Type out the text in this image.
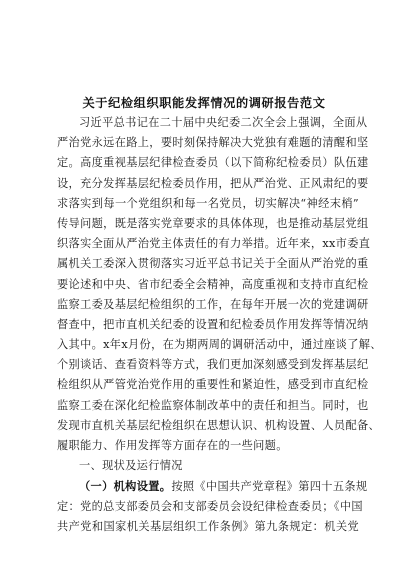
关于纪检组织职能发挥情况的调研报告范文
习近平总书记在二十届中央纪委二次全会上强调，全面从
严治党永远在路上，要时刻保持解决大党独有难题的清醒和坚
定。高度重视基层纪律检查委员（以下简称纪检委员）队伍建
设，充分发挥基层纪检委员作用，把从严治党、正风肃纪的要
求落实到每一个党组织和每一名党员，切实解决“神经末梢”
传导问题，既是落实党章要求的具体体现，也是推动基层党组
织落实全面从严治党主体责任的有力举措。近年来，xx市委直
属机关工委深入贯彻落实习近平总书记关于全面从严治党的重
要论述和中央、省市纪委全会精神，高度重视和支持市直纪检
监察工委及基层纪检组织的工作，在每年开展一次的党建调研
督查中，把市直机关纪委的设置和纪检委员作用发挥等情况纳
入其中。x年x月份，在为期两周的调研活动中，通过座谈了解、
个别谈话、查看资料等方式，我们更加深刻感受到发挥基层纪
检组织从严管党治党作用的重要性和紧迫性，感受到市直纪检
监察工委在深化纪检监察体制改革中的责任和担当。同时，也
发现市直机关基层纪检组织在思想认识、机构设置、人员配备、
履职能力、作用发挥等方面存在的一些问题。
一、现状及运行情况
（一）机构设置。按照《中国共产党章程》第四十五条规
定：党的总支部委员会和支部委员会设纪律检查委员；《中国
共产党和国家机关基层组织工作条例》第九条规定：机关党
